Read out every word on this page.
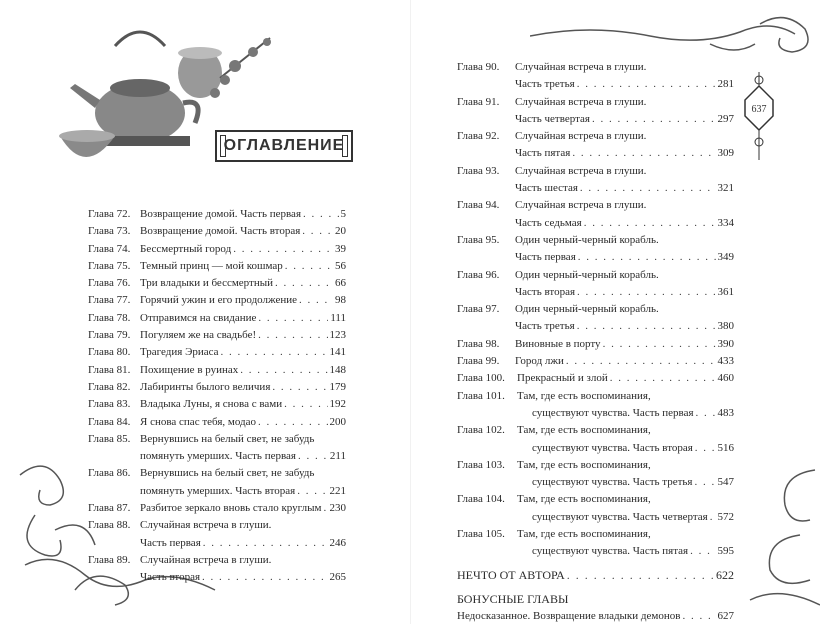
ОГЛАВЛЕНИЕ
637
Глава 72. Возвращение домой. Часть первая . . .	5
Глава 73. Возвращение домой. Часть вторая . . .	20
Глава 74. Бессмертный город . . .	39
Глава 75. Темный принц — мой кошмар . . .	56
Глава 76. Три владыки и бессмертный . . .	66
Глава 77. Горячий ужин и его продолжение . . .	98
Глава 78. Отправимся на свидание . . .	111
Глава 79. Погуляем же на свадьбе! . . .	123
Глава 80. Трагедия Эриаса . . .	141
Глава 81. Похищение в руинах . . .	148
Глава 82. Лабиринты былого величия . . .	179
Глава 83. Владыка Луны, я снова с вами . . .	192
Глава 84. Я снова спас тебя, модао . . .	200
Глава 85. Вернувшись на белый свет, не забудь
помянуть умерших. Часть первая . . .	211
Глава 86. Вернувшись на белый свет, не забудь
помянуть умерших. Часть вторая . . .	221
Глава 87. Разбитое зеркало вновь стало круглым . . . 230
Глава 88. Случайная встреча в глуши.
Часть первая . . .	246
Глава 89. Случайная встреча в глуши.
Часть вторая . . .	265
Глава 90.	Случайная встреча в глуши.
Часть третья . . .	281
Глава 91.	Случайная встреча в глуши.
Часть четвертая . . .	297
Глава 92.	Случайная встреча в глуши.
Часть пятая . . .	309
Глава 93.	Случайная встреча в глуши.
Часть шестая . . .	321
Глава 94.	Случайная встреча в глуши.
Часть седьмая . . .	334
Глава 95.	Один черный-черный корабль.
Часть первая . . .	349
Глава 96.	Один черный-черный корабль.
Часть вторая . . .	361
Глава 97.	Один черный-черный корабль.
Часть третья . . .	380
Глава 98.	Виновные в порту . . .	390
Глава 99.	Город лжи . . .	433
Глава 100.	Прекрасный и злой . . .	460
Глава 101.	Там, где есть воспоминания,
существуют чувства. Часть первая . . . 483
Глава 102.	Там, где есть воспоминания,
существуют чувства. Часть вторая . . . 516
Глава 103.	Там, где есть воспоминания,
существуют чувства. Часть третья . . . 547
Глава 104.	Там, где есть воспоминания,
существуют чувства. Часть четвертая . . . 572
Глава 105.	Там, где есть воспоминания,
существуют чувства. Часть пятая . . .	595
НЕЧТО ОТ АВТОРА . . .	622
БОНУСНЫЕ ГЛАВЫ
Недосказанное. Возвращение владыки демонов . . .	627
